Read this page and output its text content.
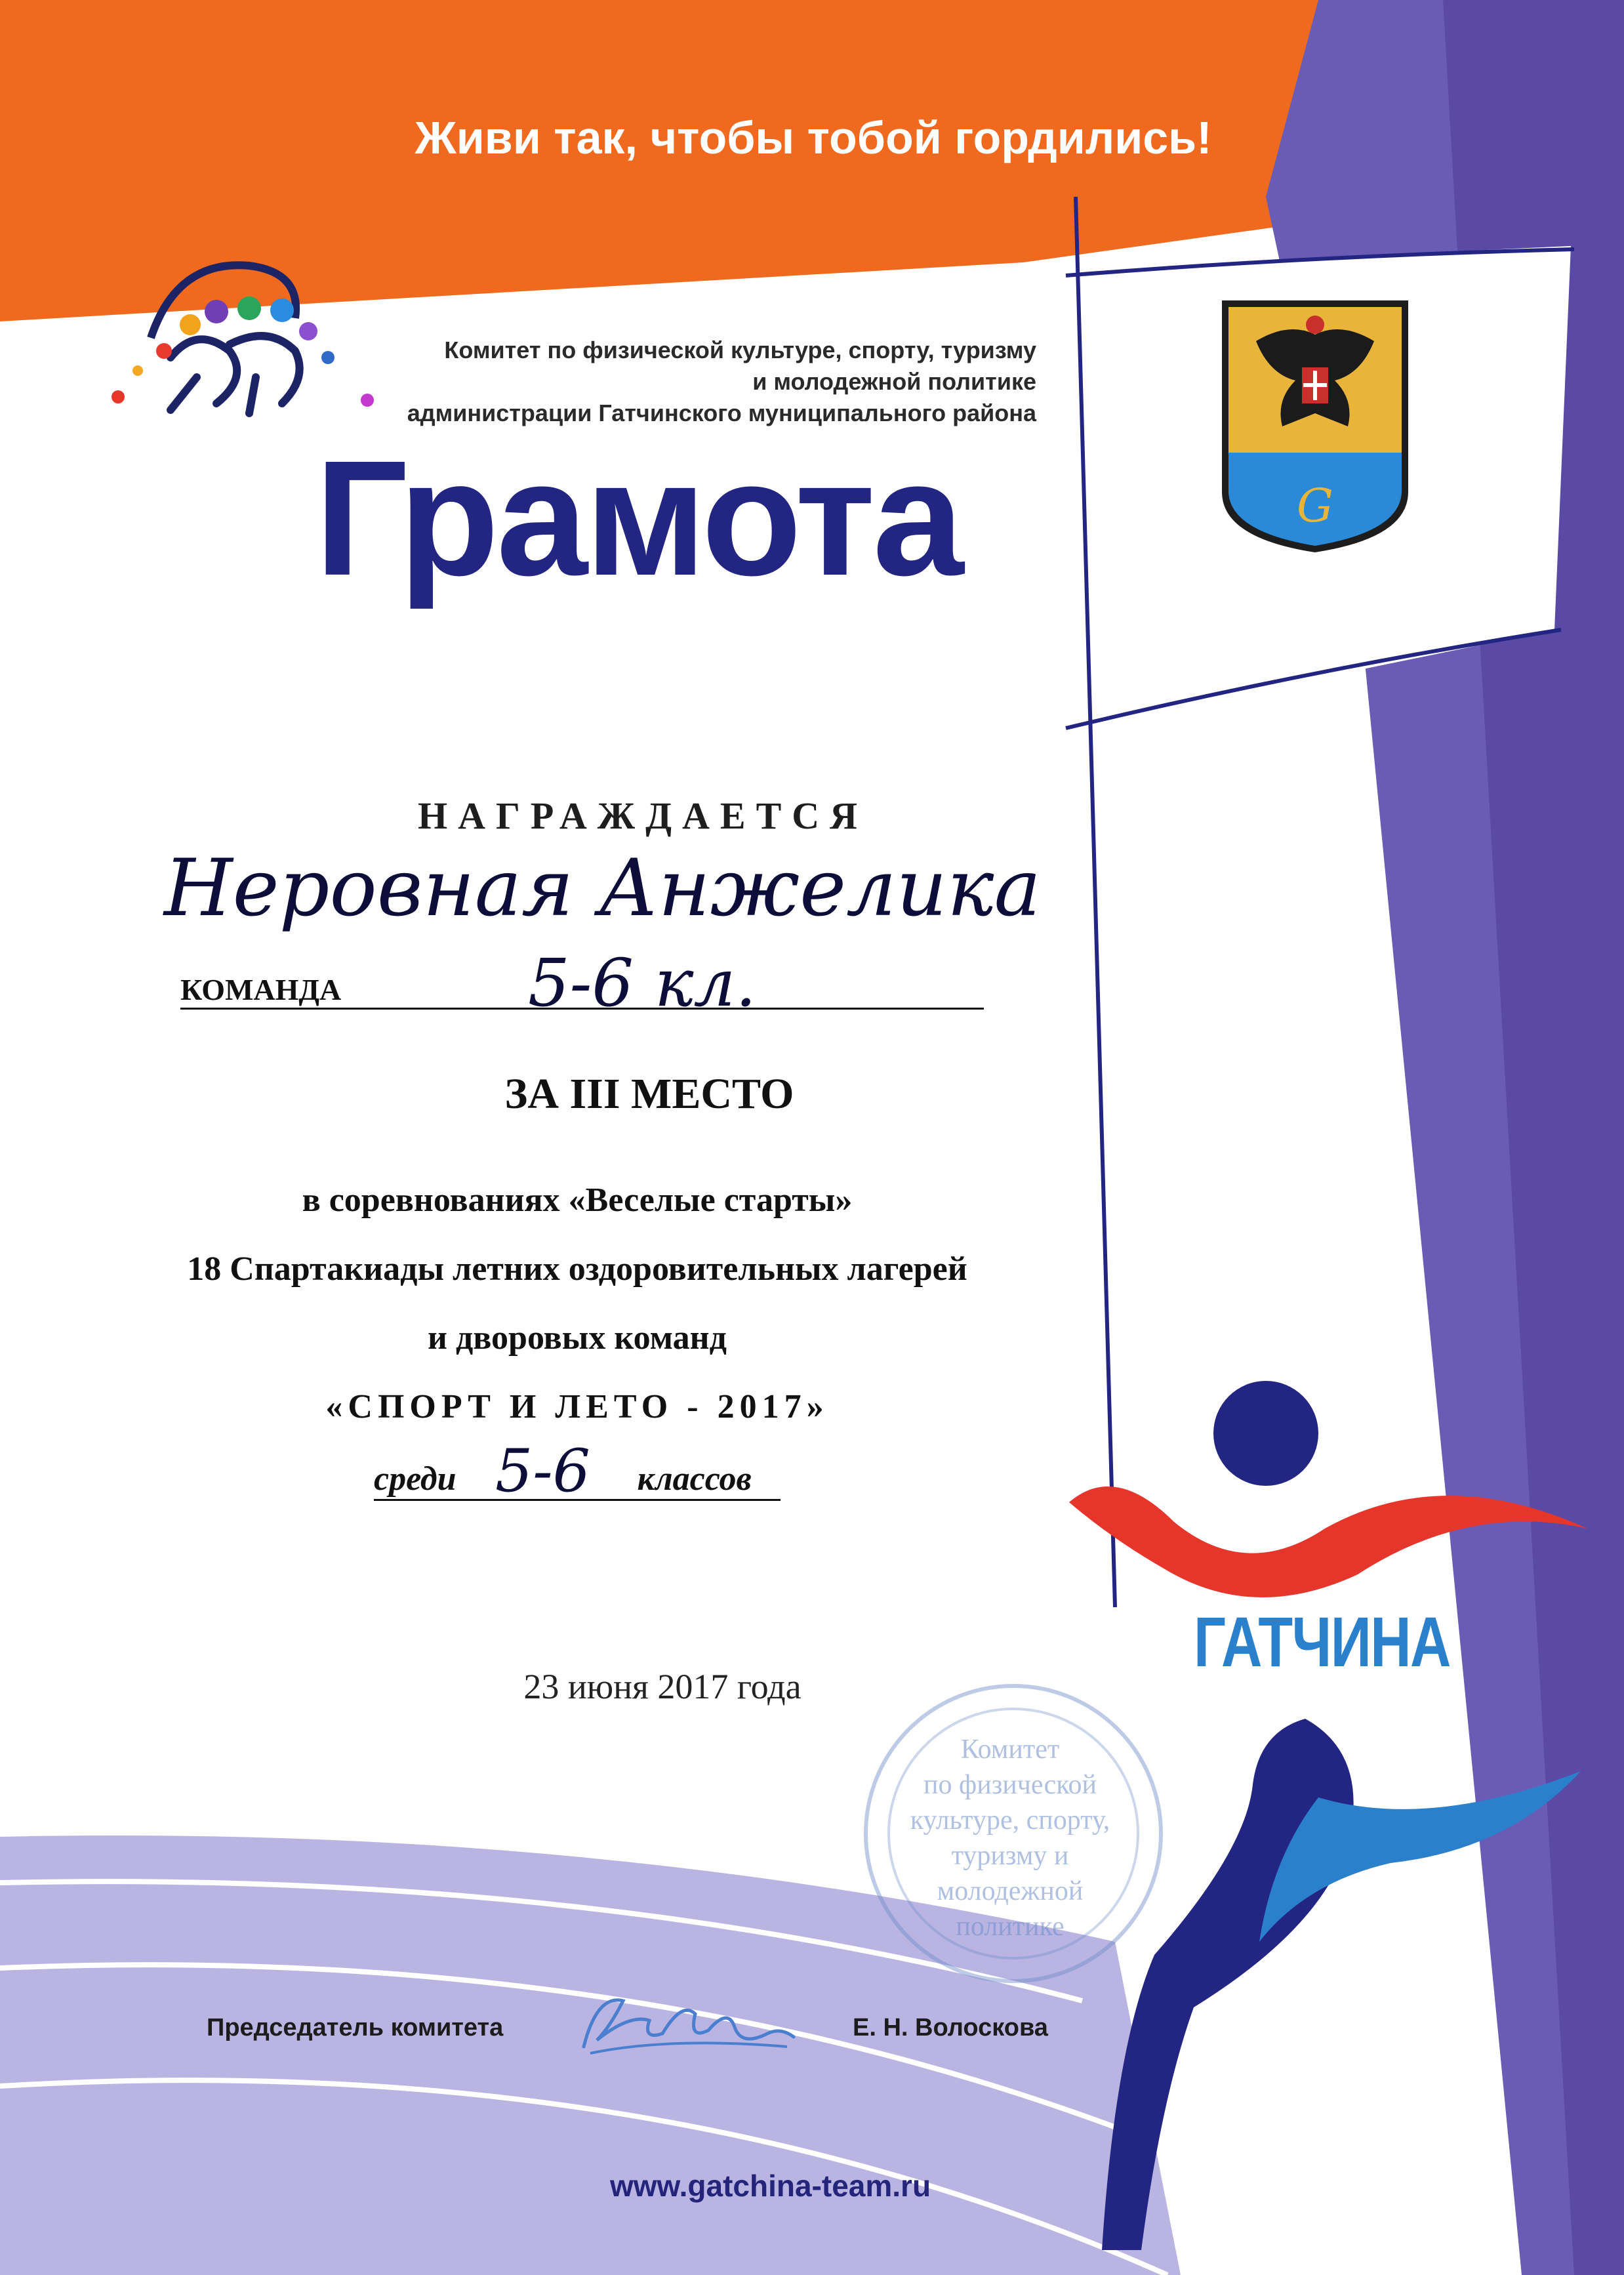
G
Живи так, чтобы тобой гордились!
Комитет по физической культуре, спорту, туризму
и молодежной политике
администрации Гатчинского муниципального района
Грамота
НАГРАЖДАЕТСЯ
Неровная Анжелика
КОМАНДА	5-6 кл.
ЗА III МЕСТО
в соревнованиях «Веселые старты»
18 Спартакиады летних оздоровительных лагерей
и дворовых команд
«СПОРТ И ЛЕТО - 2017»
среди	классов
5-6
23 июня 2017 года
ГАТЧИНА
Комитет
по физической
культуре, спорту,
туризму и
молодежной
политике
Председатель комитета	Е. Н. Волоскова
www.gatchina-team.ru
